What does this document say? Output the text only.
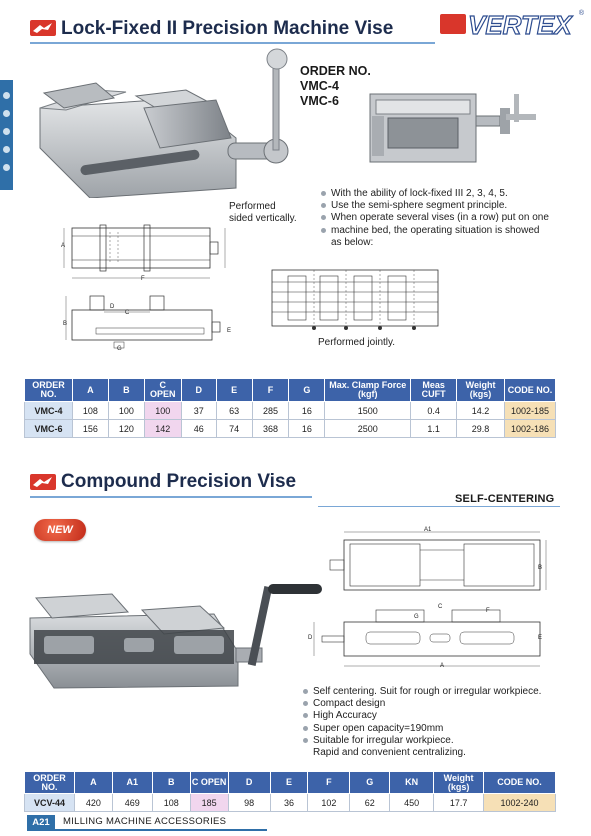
Lock-Fixed II Precision Machine Vise	VERTEX ®
ORDER NO.
VMC-4
VMC-6
Performed
sided vertically.
With the ability of lock-fixed III 2, 3, 4, 5.
Use the semi-sphere segment principle.
When operate several vises (in a row) put on one
machine bed, the operating situation is showed
as below:
A
F
B
C
D
E
G
Performed jointly.
ORDER NO.	A	B	C OPEN	D	E	F	G	Max. Clamp Force (kgf)	Meas CUFT	Weight (kgs)	CODE NO.
VMC-4	108	100	100	37	63	285	16	1500	0.4	14.2	1002-185
VMC-6	156	120	142	46	74	368	16	2500	1.1	29.8	1002-186
Compound Precision Vise
SELF-CENTERING
NEW	A1
B
C
F
D
G
E
A
Self centering. Suit for rough or irregular workpiece.
Compact design
High Accuracy
Super open capacity=190mm
Suitable for irregular workpiece.
Rapid and convenient centralizing.
ORDER NO.	A	A1	B	C OPEN	D	E	F	G	KN	Weight (kgs)	CODE NO.
VCV-44	420	469	108	185	98	36	102	62	450	17.7	1002-240
A21	MILLING MACHINE ACCESSORIES
